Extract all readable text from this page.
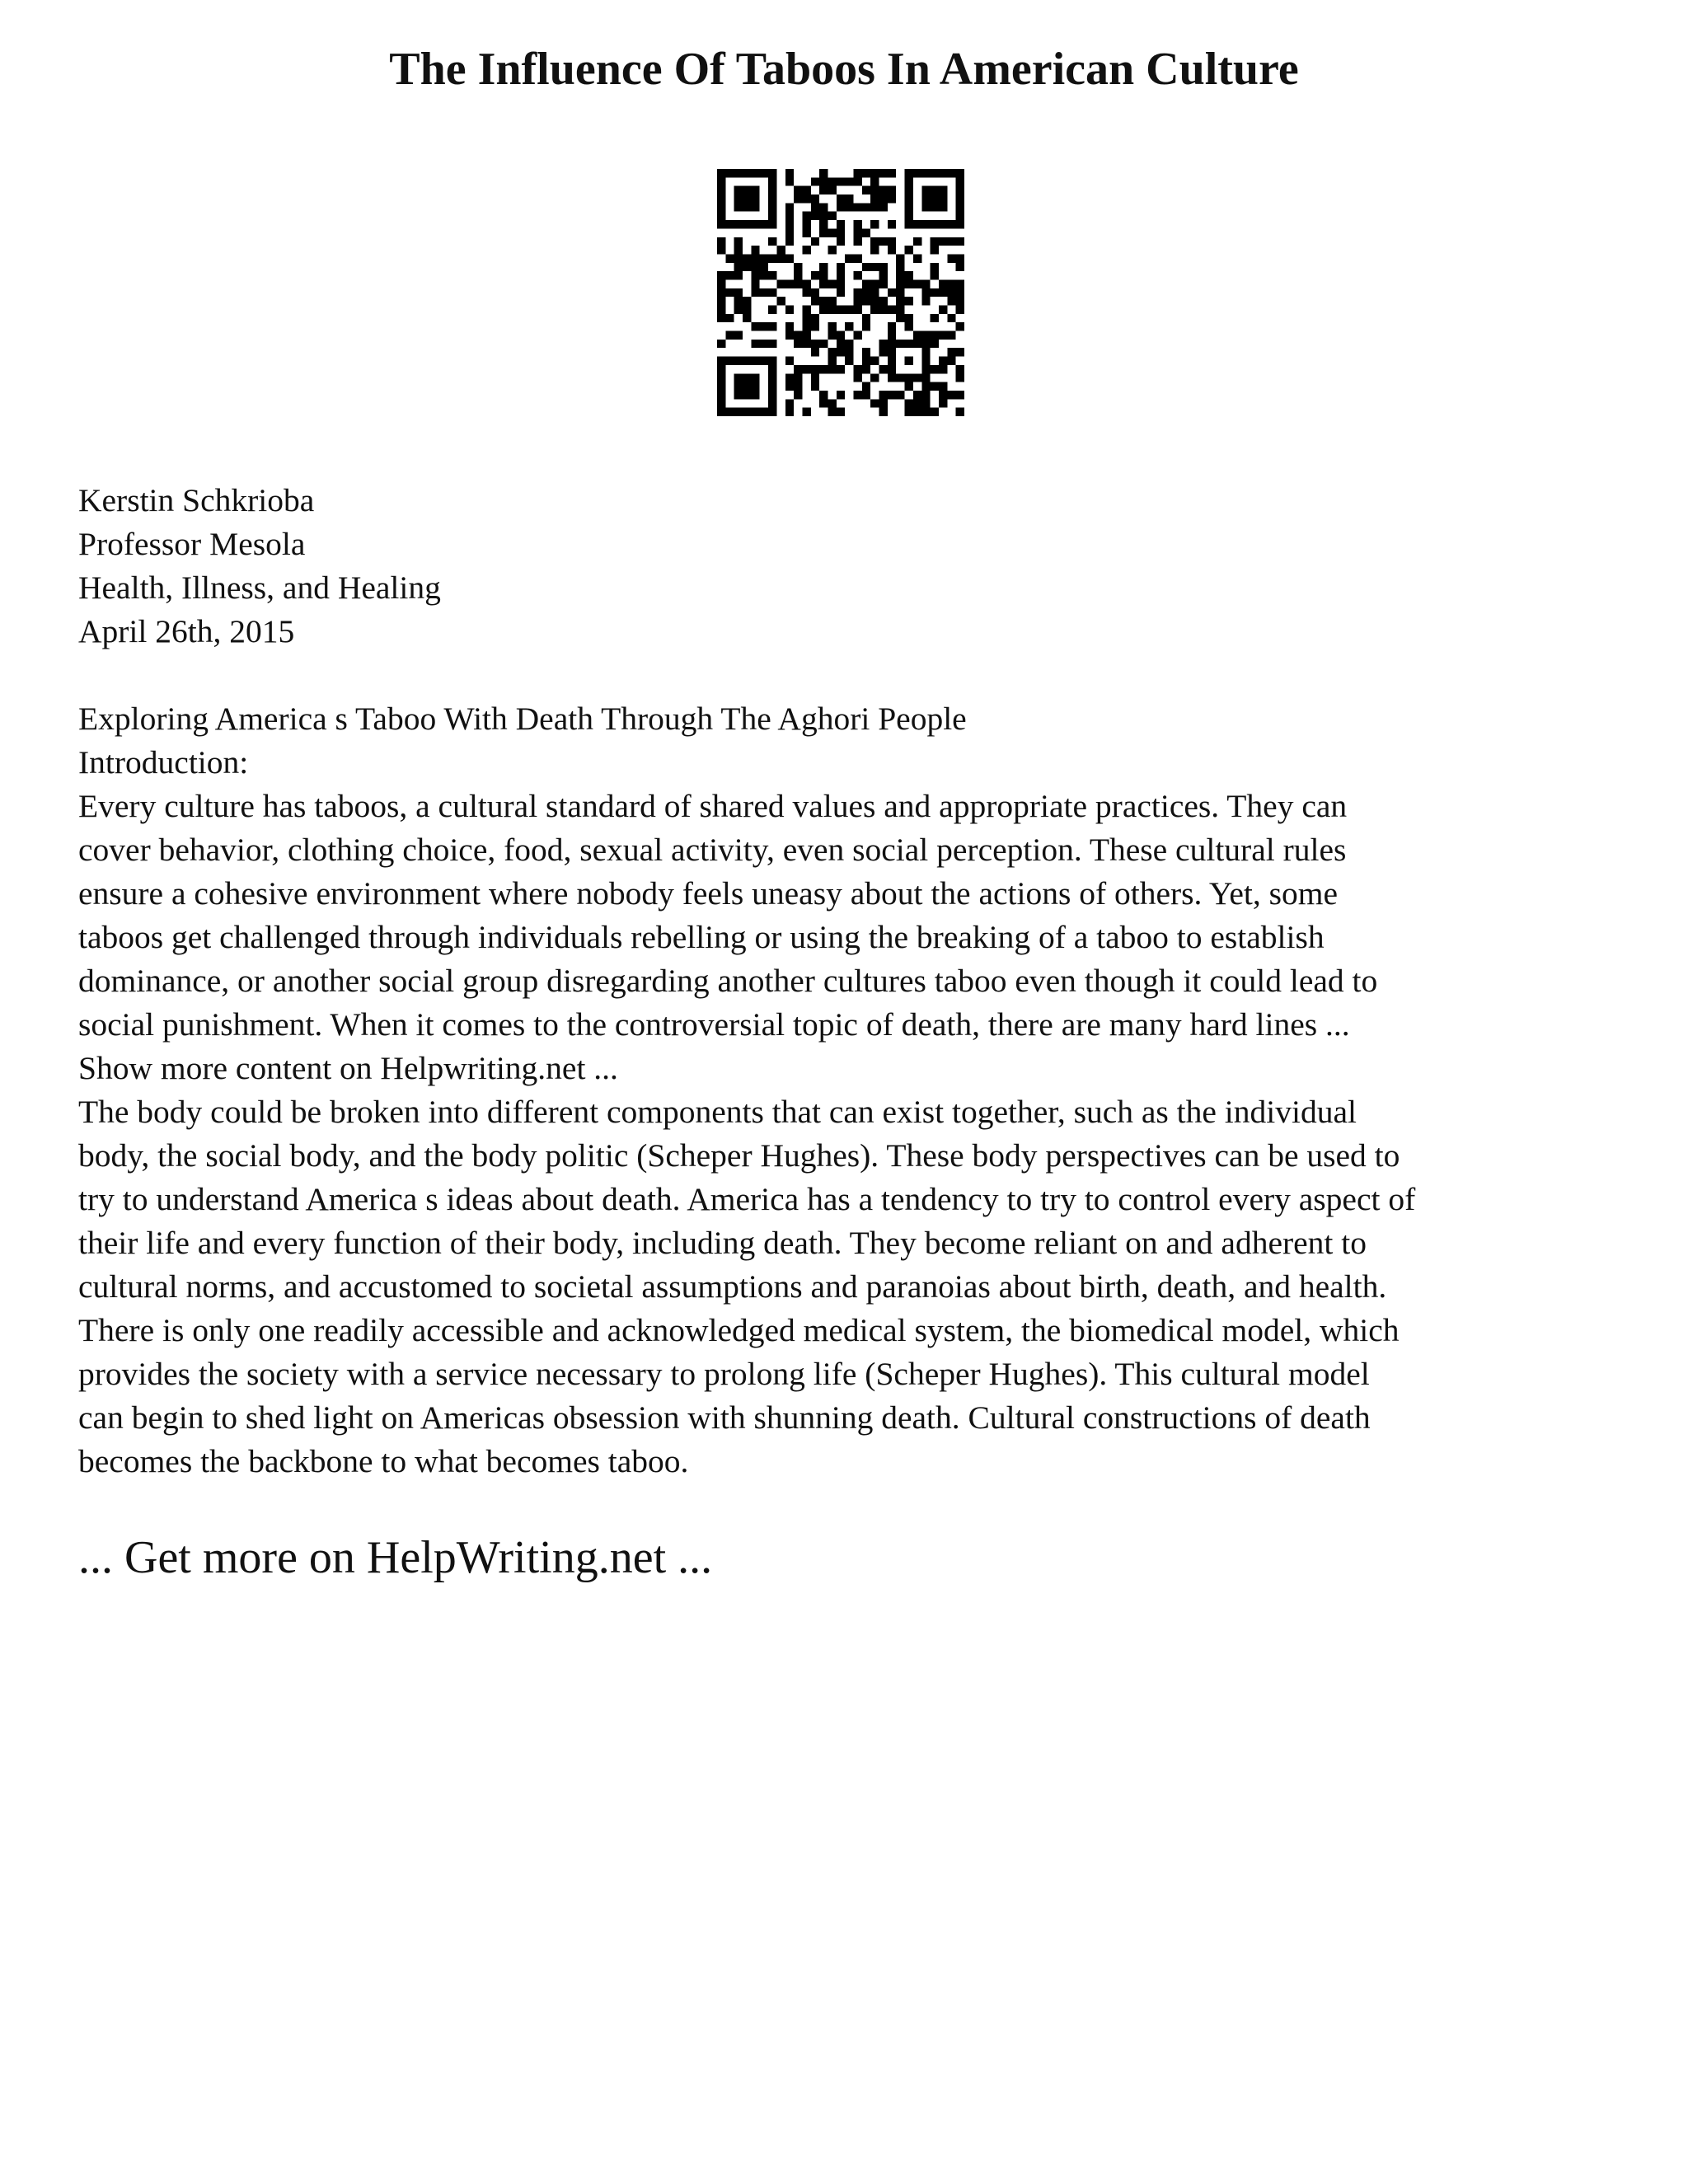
The Influence Of Taboos In American Culture
Kerstin Schkrioba
Professor Mesola
Health, Illness, and Healing
April 26th, 2015
Exploring America s Taboo With Death Through The Aghori People
Introduction:
Every culture has taboos, a cultural standard of shared values and appropriate practices. They can
cover behavior, clothing choice, food, sexual activity, even social perception. These cultural rules
ensure a cohesive environment where nobody feels uneasy about the actions of others. Yet, some
taboos get challenged through individuals rebelling or using the breaking of a taboo to establish
dominance, or another social group disregarding another cultures taboo even though it could lead to
social punishment. When it comes to the controversial topic of death, there are many hard lines ...
Show more content on Helpwriting.net ...
The body could be broken into different components that can exist together, such as the individual
body, the social body, and the body politic (Scheper Hughes). These body perspectives can be used to
try to understand America s ideas about death. America has a tendency to try to control every aspect of
their life and every function of their body, including death. They become reliant on and adherent to
cultural norms, and accustomed to societal assumptions and paranoias about birth, death, and health.
There is only one readily accessible and acknowledged medical system, the biomedical model, which
provides the society with a service necessary to prolong life (Scheper Hughes). This cultural model
can begin to shed light on Americas obsession with shunning death. Cultural constructions of death
becomes the backbone to what becomes taboo.
... Get more on HelpWriting.net ...
